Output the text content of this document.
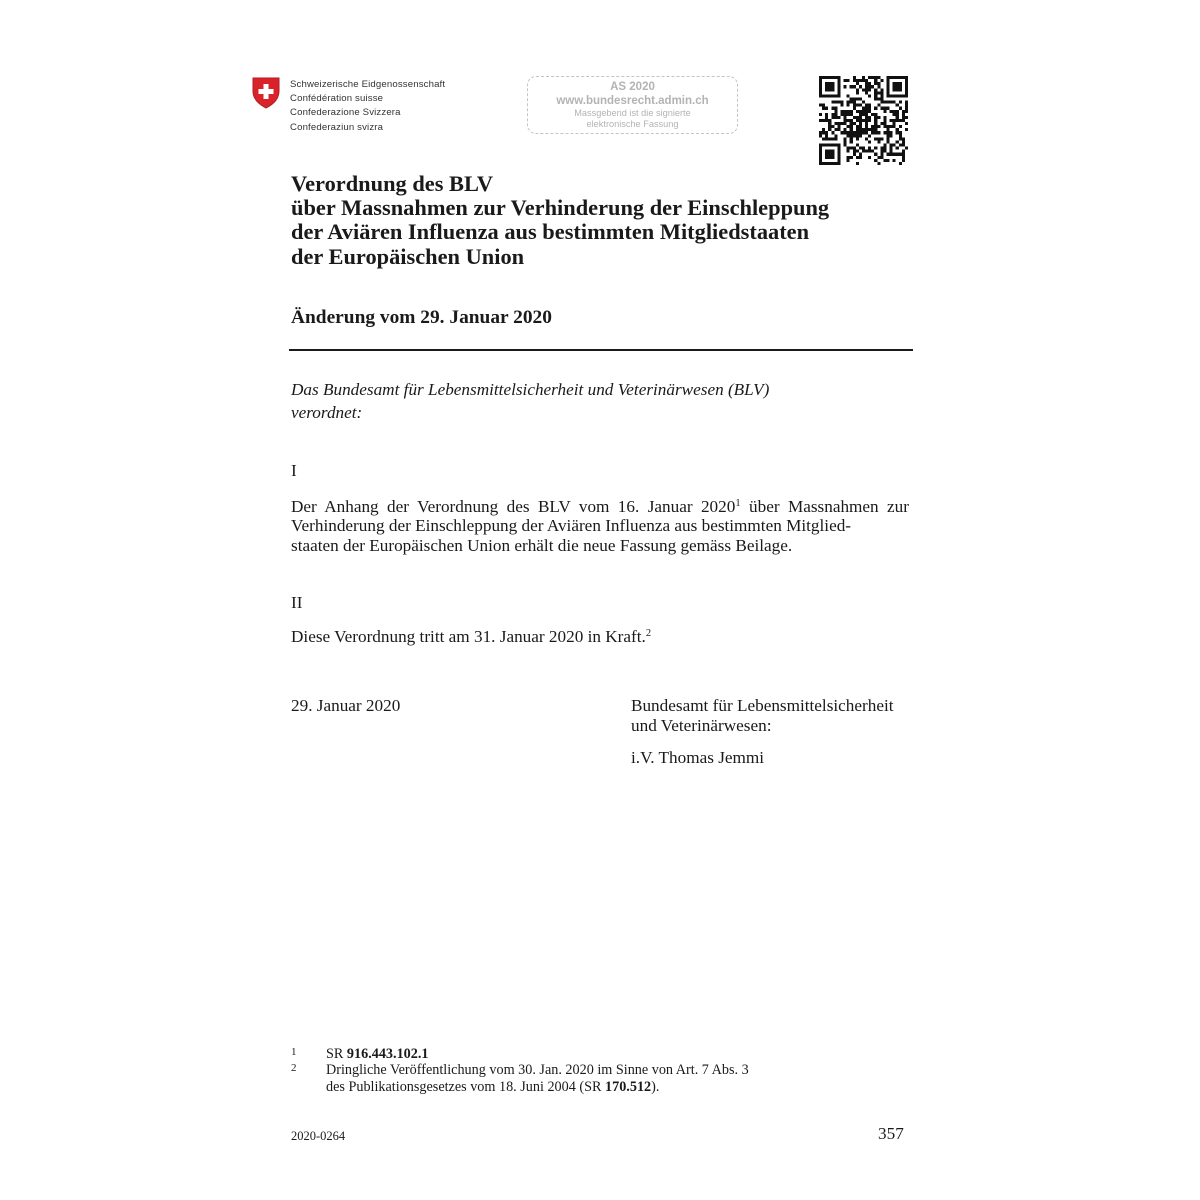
Schweizerische Eidgenossenschaft
Confédération suisse
Confederazione Svizzera
Confederaziun svizra
AS 2020
www.bundesrecht.admin.ch
Massgebend ist die signierte
elektronische Fassung
Verordnung des BLV
über Massnahmen zur Verhinderung der Einschleppung
der Aviären Influenza aus bestimmten Mitgliedstaaten
der Europäischen Union
Änderung vom 29. Januar 2020
Das Bundesamt für Lebensmittelsicherheit und Veterinärwesen (BLV)
verordnet:
I
Der Anhang der Verordnung des BLV vom 16. Januar 2020$^1$ über Massnahmen zur Verhinderung der Einschleppung der Aviären Influenza aus bestimmten Mitglied-
staaten der Europäischen Union erhält die neue Fassung gemäss Beilage.
II
Diese Verordnung tritt am 31. Januar 2020 in Kraft.$^2$
29. Januar 2020	Bundesamt für Lebensmittelsicherheit
und Veterinärwesen:
i.V. Thomas Jemmi
1 SR 916.443.102.1
2 Dringliche Veröffentlichung vom 30. Jan. 2020 im Sinne von Art. 7 Abs. 3
des Publikationsgesetzes vom 18. Juni 2004 (SR 170.512).
2020-0264	357
